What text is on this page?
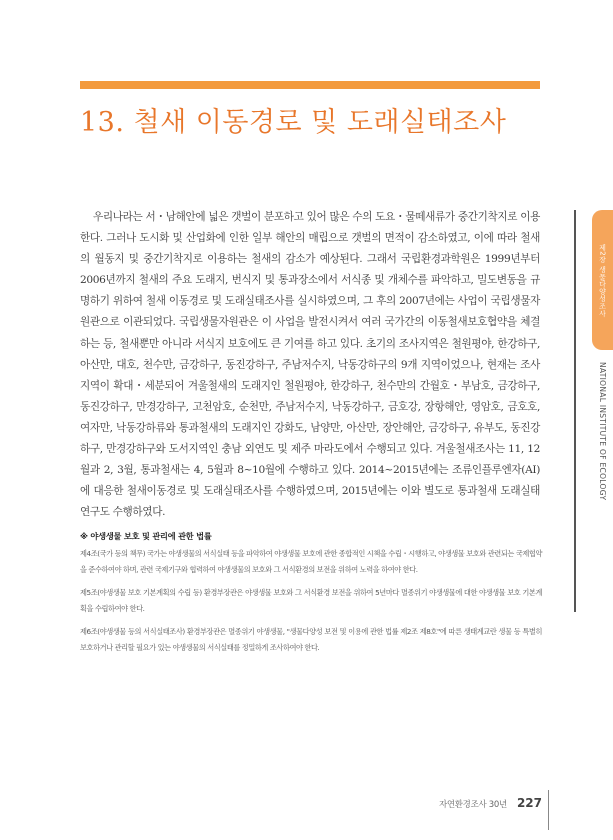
13. 철새 이동경로 및 도래실태조사

우리나라는 서・남해안에 넓은 갯벌이 분포하고 있어 많은 수의 도요・물떼새류가 중간기착지로 이용한다. 그러나 도시화 및 산업화에 인한 일부 해안의 매립으로 갯벌의 면적이 감소하였고, 이에 따라 철새의 월동지 및 중간기착지로 이용하는 철새의 감소가 예상된다. 그래서 국립환경과학원은 1999년부터 2006년까지 철새의 주요 도래지, 번식지 및 통과장소에서 서식종 및 개체수를 파악하고, 밀도변동을 규명하기 위하여 철새 이동경로 및 도래실태조사를 실시하였으며, 그 후의 2007년에는 사업이 국립생물자원관으로 이관되었다. 국립생물자원관은 이 사업을 발전시켜서 여러 국가간의 이동철새보호협약을 체결하는 등, 철새뿐만 아니라 서식지 보호에도 큰 기여를 하고 있다. 초기의 조사지역은 철원평야, 한강하구, 아산만, 대호, 천수만, 금강하구, 동진강하구, 주남저수지, 낙동강하구의 9개 지역이었으나, 현재는 조사지역이 확대・세분되어 겨울철새의 도래지인 철원평야, 한강하구, 천수만의 간월호・부남호, 금강하구, 동진강하구, 만경강하구, 고천암호, 순천만, 주남저수지, 낙동강하구, 금호강, 장항해안, 영암호, 금호호, 여자만, 낙동강하류와 통과철새의 도래지인 강화도, 남양만, 아산만, 장안해안, 금강하구, 유부도, 동진강하구, 만경강하구와 도서지역인 충남 외연도 및 제주 마라도에서 수행되고 있다. 겨울철새조사는 11, 12월과 2, 3월, 통과철새는 4, 5월과 8~10월에 수행하고 있다. 2014~2015년에는 조류인플루엔자(AI)에 대응한 철새이동경로 및 도래실태조사를 수행하였으며, 2015년에는 이와 별도로 통과철새 도래실태연구도 수행하였다.

※ 야생생물 보호 및 관리에 관한 법률

제4조(국가 등의 책무) 국가는 야생생물의 서식실태 등을 파악하여 야생생물 보호에 관한 종합적인 시책을 수립・시행하고, 야생생물 보호와 관련되는 국제협약을 준수하여야 하며, 관련 국제기구와 협력하여 야생생물의 보호와 그 서식환경의 보전을 위하여 노력을 하여야 한다.

제5조(야생생물 보호 기본계획의 수립 등) 환경부장관은 야생생물 보호와 그 서식환경 보전을 위하여 5년마다 멸종위기 야생생물에 대한 야생생물 보호 기본계획을 수립하여야 한다.

제6조(야생생물 등의 서식실태조사) 환경부장관은 멸종위기 야생생물, "생물다양성 보전 및 이용에 관한 법률 제2조 제8호"에 따른 생태계교란 생물 등 특별히 보호하거나 관리할 필요가 있는 야생생물의 서식실태를 정밀하게 조사하여야 한다.

제2장 생물다양성조사
NATIONAL INSTITUTE OF ECOLOGY
자연환경조사 30년 227
